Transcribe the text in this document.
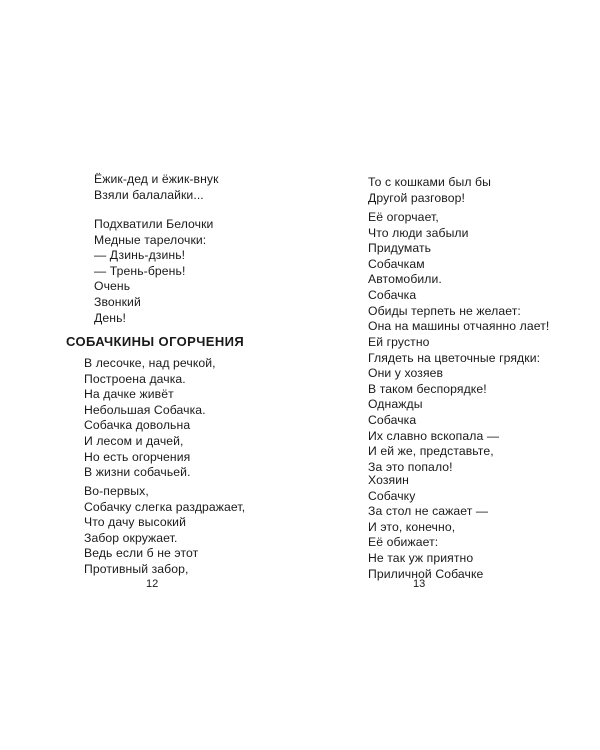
Ёжик-дед и ёжик-внук
Взяли балалайки...
Подхватили Белочки
Медные тарелочки:
— Дзинь-дзинь!
— Трень-брень!
Очень
Звонкий
День!
СОБАЧКИНЫ ОГОРЧЕНИЯ
В лесочке, над речкой,
Построена дачка.
На дачке живёт
Небольшая Собачка.
Собачка довольна
И лесом и дачей,
Но есть огорчения
В жизни собачьей.
Во-первых,
Собачку слегка раздражает,
Что дачу высокий
Забор окружает.
Ведь если б не этот
Противный забор,
12
То с кошками был бы
Другой разговор!
Её огорчает,
Что люди забыли
Придумать
Собачкам
Автомобили.
Собачка
Обиды терпеть не желает:
Она на машины отчаянно лает!
Ей грустно
Глядеть на цветочные грядки:
Они у хозяев
В таком беспорядке!
Однажды
Собачка
Их славно вскопала —
И ей же, представьте,
За это попало!
Хозяин
Собачку
За стол не сажает —
И это, конечно,
Её обижает:
Не так уж приятно
Приличной Собачке
13
